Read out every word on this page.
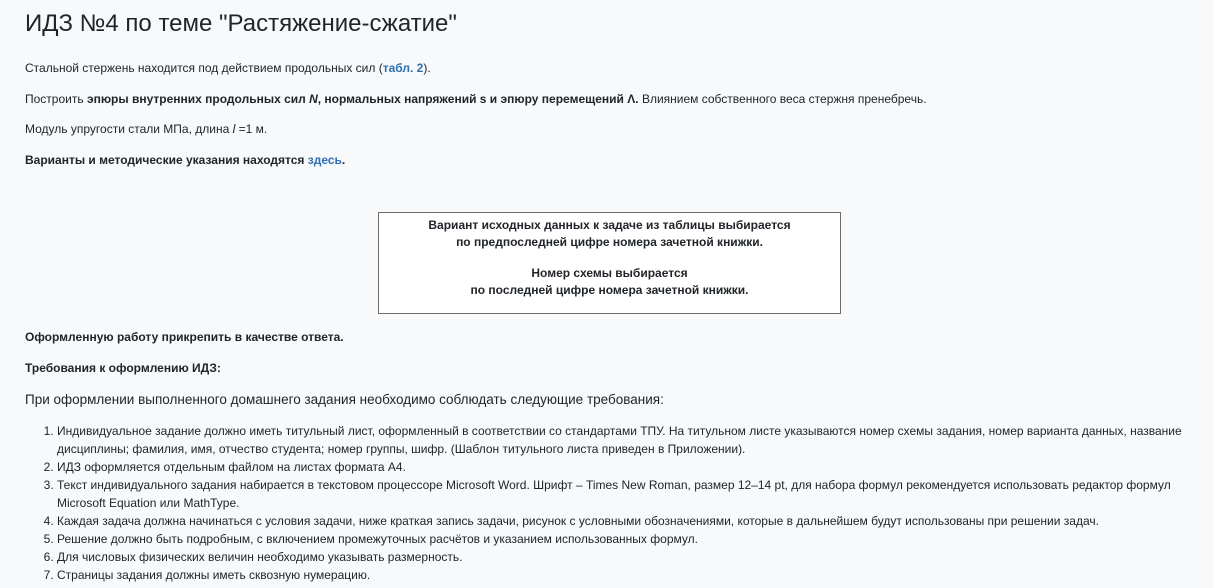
ИДЗ №4 по теме "Растяжение-сжатие"
Стальной стержень находится под действием продольных сил (табл. 2).
Построить эпюры внутренних продольных сил N, нормальных напряжений s и эпюру перемещений Λ. Влиянием собственного веса стержня пренебречь.
Модуль упругости стали МПа, длина l =1 м.
Варианты и методические указания находятся здесь.
Вариант исходных данных к задаче из таблицы выбирается
по предпоследней цифре номера зачетной книжки.
Номер схемы выбирается
по последней цифре номера зачетной книжки.
Оформленную работу прикрепить в качестве ответа.
Требования к оформлению ИДЗ:
При оформлении выполненного домашнего задания необходимо соблюдать следующие требования:
1. Индивидуальное задание должно иметь титульный лист, оформленный в соответствии со стандартами ТПУ. На титульном листе указываются номер схемы задания, номер варианта данных, название дисциплины; фамилия, имя, отчество студента; номер группы, шифр. (Шаблон титульного листа приведен в Приложении).
2. ИДЗ оформляется отдельным файлом на листах формата А4.
3. Текст индивидуального задания набирается в текстовом процессоре Microsoft Word. Шрифт – Times New Roman, размер 12–14 pt, для набора формул рекомендуется использовать редактор формул Microsoft Equation или MathType.
4. Каждая задача должна начинаться с условия задачи, ниже краткая запись задачи, рисунок с условными обозначениями, которые в дальнейшем будут использованы при решении задач.
5. Решение должно быть подробным, с включением промежуточных расчётов и указанием использованных формул.
6. Для числовых физических величин необходимо указывать размерность.
7. Страницы задания должны иметь сквозную нумерацию.
